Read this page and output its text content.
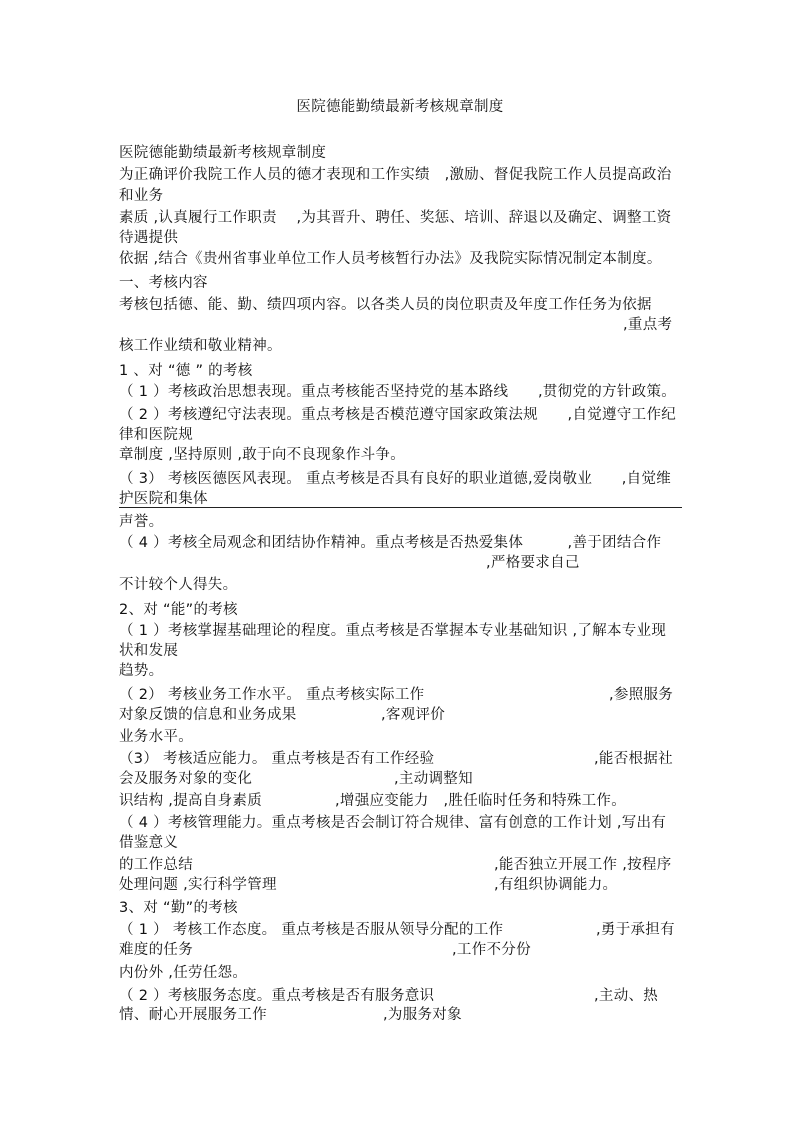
医院德能勤绩最新考核规章制度
医院德能勤绩最新考核规章制度
为正确评价我院工作人员的德才表现和工作实绩　,激励、督促我院工作人员提高政治
和业务
素质 ,认真履行工作职责　 ,为其晋升、聘任、奖惩、培训、辞退以及确定、调整工资
待遇提供
依据 ,结合《贵州省事业单位工作人员考核暂行办法》及我院实际情况制定本制度。
一、考核内容
考核包括德、能、勤、绩四项内容。以各类人员的岗位职责及年度工作任务为依据
,重点考
核工作业绩和敬业精神。
1 、对 “德 ” 的考核
（ 1 ）考核政治思想表现。重点考核能否坚持党的基本路线　　,贯彻党的方针政策。
（ 2 ）考核遵纪守法表现。重点考核是否模范遵守国家政策法规　　,自觉遵守工作纪
律和医院规
章制度 ,坚持原则 ,敢于向不良现象作斗争。
（ 3） 考核医德医风表现。 重点考核是否具有良好的职业道德,爱岗敬业　　,自觉维
护医院和集体
声誉。
（ 4 ）考核全局观念和团结协作精神。重点考核是否热爱集体　　　,善于团结合作
,严格要求自己
不计较个人得失。
2、对 “能”的考核
（ 1 ）考核掌握基础理论的程度。重点考核是否掌握本专业基础知识 ,了解本专业现
状和发展
趋势。
（ 2） 考核业务工作水平。 重点考核实际工作	,参照服务
对象反馈的信息和业务成果	,客观评价
业务水平。
（3） 考核适应能力。 重点考核是否有工作经验	,能否根据社
会及服务对象的变化	,主动调整知
识结构 ,提高自身素质	,增强应变能力　,胜任临时任务和特殊工作。
（ 4 ）考核管理能力。重点考核是否会制订符合规律、富有创意的工作计划 ,写出有
借鉴意义
的工作总结	,能否独立开展工作 ,按程序
处理问题 ,实行科学管理	,有组织协调能力。
3、对 “勤”的考核
（ 1 ） 考核工作态度。 重点考核是否服从领导分配的工作	,勇于承担有
难度的任务	,工作不分份
内份外 ,任劳任怨。
（ 2 ）考核服务态度。重点考核是否有服务意识	,主动、热
情、耐心开展服务工作	,为服务对象
